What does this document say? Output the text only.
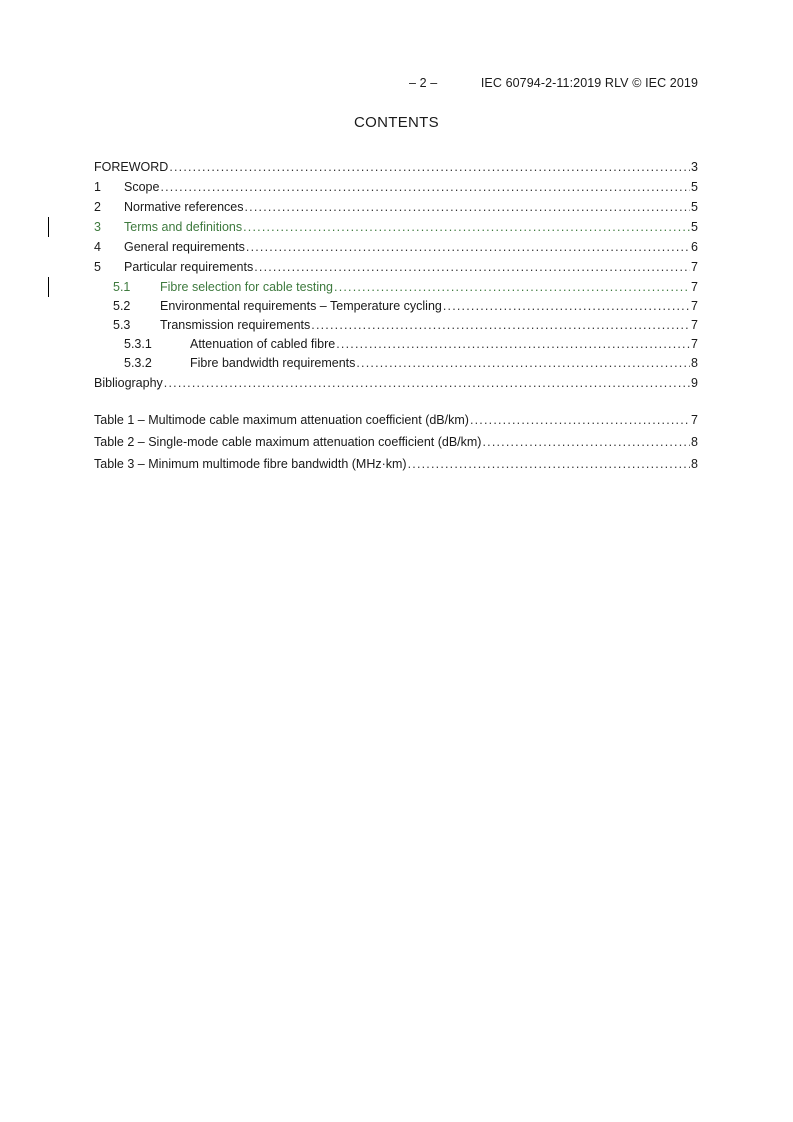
– 2 –	IEC 60794-2-11:2019 RLV © IEC 2019
CONTENTS
FOREWORD .....	3
1	Scope .....	5
2	Normative references .....	5
3	Terms and definitions .....	5
4	General requirements .....	6
5	Particular requirements .....	7
5.1	Fibre selection for cable testing .....	7
5.2	Environmental requirements – Temperature cycling .....	7
5.3	Transmission requirements .....	7
5.3.1	Attenuation of cabled fibre .....	7
5.3.2	Fibre bandwidth requirements .....	8
Bibliography .....	9
Table 1 – Multimode cable maximum attenuation coefficient (dB/km) .....	7
Table 2 – Single-mode cable maximum attenuation coefficient (dB/km) .....	8
Table 3 – Minimum multimode fibre bandwidth (MHz·km) .....	8
